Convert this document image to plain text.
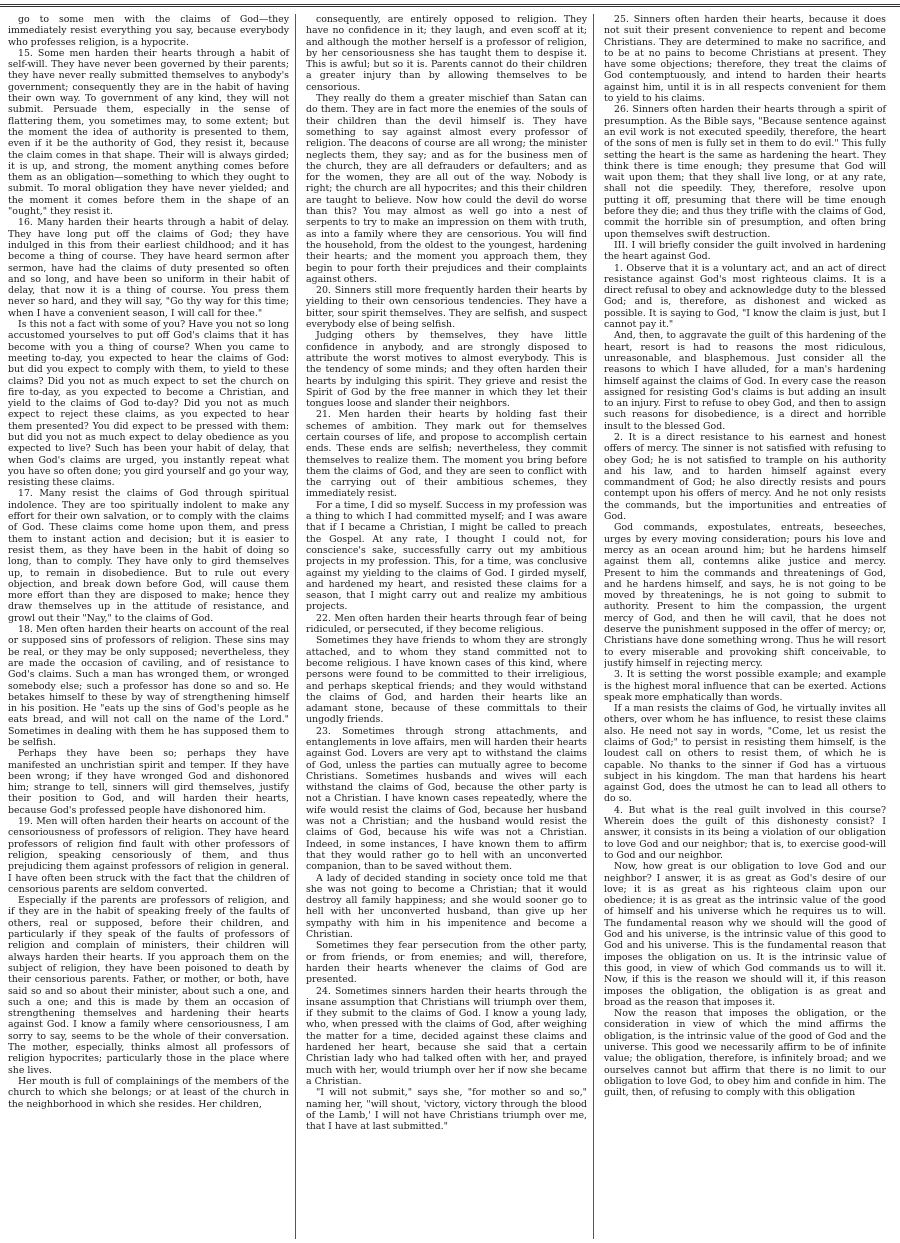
go to some men with the claims of God—they immediately resist everything you say, because everybody who professes religion, is a hypocrite.

15. Some men harden their hearts through a habit of self-will. They have never been governed by their parents; they have never really submitted themselves to anybody's government; consequently they are in the habit of having their own way. To government of any kind, they will not submit. Persuade them, especially in the sense of flattering them, you sometimes may, to some extent; but the moment the idea of authority is presented to them, even if it be the authority of God, they resist it, because the claim comes in that shape. Their will is always girded; it is up, and strong, the moment anything comes before them as an obligation—something to which they ought to submit. To moral obligation they have never yielded; and the moment it comes before them in the shape of an "ought," they resist it.

16. Many harden their hearts through a habit of delay. They have long put off the claims of God; they have indulged in this from their earliest childhood; and it has become a thing of course. They have heard sermon after sermon, have had the claims of duty presented so often and so long, and have been so uniform in their habit of delay, that now it is a thing of course. You press them never so hard, and they will say, "Go thy way for this time; when I have a convenient season, I will call for thee."

Is this not a fact with some of you? Have you not so long accustomed yourselves to put off God's claims that it has become with you a thing of course? When you came to meeting to-day, you expected to hear the claims of God: but did you expect to comply with them, to yield to these claims? Did you not as much expect to set the church on fire to-day, as you expected to become a Christian, and yield to the claims of God to-day? Did you not as much expect to reject these claims, as you expected to hear them presented? You did expect to be pressed with them: but did you not as much expect to delay obedience as you expected to live? Such has been your habit of delay, that when God's claims are urged, you instantly repeat what you have so often done; you gird yourself and go your way, resisting these claims.

17. Many resist the claims of God through spiritual indolence. They are too spiritually indolent to make any effort for their own salvation, or to comply with the claims of God. These claims come home upon them, and press them to instant action and decision; but it is easier to resist them, as they have been in the habit of doing so long, than to comply. They have only to gird themselves up, to remain in disobedience. But to rule out every objection, and break down before God, will cause them more effort than they are disposed to make; hence they draw themselves up in the attitude of resistance, and growl out their "Nay," to the claims of God.

18. Men often harden their hearts on account of the real or supposed sins of professors of religion. These sins may be real, or they may be only supposed; nevertheless, they are made the occasion of caviling, and of resistance to God's claims. Such a man has wronged them, or wronged somebody else; such a professor has done so and so. He betakes himself to these by way of strengthening himself in his position. He "eats up the sins of God's people as he eats bread, and will not call on the name of the Lord." Sometimes in dealing with them he has supposed them to be selfish.

Perhaps they have been so; perhaps they have manifested an unchristian spirit and temper. If they have been wrong; if they have wronged God and dishonored him; strange to tell, sinners will gird themselves, justify their position to God, and will harden their hearts, because God's professed people have dishonored him.

19. Men will often harden their hearts on account of the censoriousness of professors of religion. They have heard professors of religion find fault with other professors of religion, speaking censoriously of them, and thus prejudicing them against professors of religion in general. I have often been struck with the fact that the children of censorious parents are seldom converted.

Especially if the parents are professors of religion, and if they are in the habit of speaking freely of the faults of others, real or supposed, before their children, and particularly if they speak of the faults of professors of religion and complain of ministers, their children will always harden their hearts. If you approach them on the subject of religion, they have been poisoned to death by their censorious parents. Father, or mother, or both, have said so and so about their minister, about such a one, and such a one; and this is made by them an occasion of strengthening themselves and hardening their hearts against God. I know a family where censoriousness, I am sorry to say, seems to be the whole of their conversation. The mother, especially, thinks almost all professors of religion hypocrites; particularly those in the place where she lives.

Her mouth is full of complainings of the members of the church to which she belongs; or at least of the church in the neighborhood in which she resides. Her children,

consequently, are entirely opposed to religion. They have no confidence in it; they laugh, and even scoff at it; and although the mother herself is a professor of religion, by her censoriousness she has taught them to despise it. This is awful; but so it is. Parents cannot do their children a greater injury than by allowing themselves to be censorious.

They really do them a greater mischief than Satan can do them. They are in fact more the enemies of the souls of their children than the devil himself is. They have something to say against almost every professor of religion. The deacons of course are all wrong; the minister neglects them, they say; and as for the business men of the church, they are all defrauders or defaulters; and as for the women, they are all out of the way. Nobody is right; the church are all hypocrites; and this their children are taught to believe. Now how could the devil do worse than this? You may almost as well go into a nest of serpents to try to make an impression on them with truth, as into a family where they are censorious. You will find the household, from the oldest to the youngest, hardening their hearts; and the moment you approach them, they begin to pour forth their prejudices and their complaints against others.

20. Sinners still more frequently harden their hearts by yielding to their own censorious tendencies. They have a bitter, sour spirit themselves. They are selfish, and suspect everybody else of being selfish.

Judging others by themselves, they have little confidence in anybody, and are strongly disposed to attribute the worst motives to almost everybody. This is the tendency of some minds; and they often harden their hearts by indulging this spirit. They grieve and resist the Spirit of God by the free manner in which they let their tongues loose and slander their neighbors.

21. Men harden their hearts by holding fast their schemes of ambition. They mark out for themselves certain courses of life, and propose to accomplish certain ends. These ends are selfish; nevertheless, they commit themselves to realize them. The moment you bring before them the claims of God, and they are seen to conflict with the carrying out of their ambitious schemes, they immediately resist.

For a time, I did so myself. Success in my profession was a thing to which I had committed myself; and I was aware that if I became a Christian, I might be called to preach the Gospel. At any rate, I thought I could not, for conscience's sake, successfully carry out my ambitious projects in my profession. This, for a time, was conclusive against my yielding to the claims of God. I girded myself, and hardened my heart, and resisted these claims for a season, that I might carry out and realize my ambitious projects.

22. Men often harden their hearts through fear of being ridiculed, or persecuted, if they become religious.

Sometimes they have friends to whom they are strongly attached, and to whom they stand committed not to become religious. I have known cases of this kind, where persons were found to be committed to their irreligious, and perhaps skeptical friends; and they would withstand the claims of God, and harden their hearts like an adamant stone, because of these committals to their ungodly friends.

23. Sometimes through strong attachments, and entanglements in love affairs, men will harden their hearts against God. Lovers are very apt to withstand the claims of God, unless the parties can mutually agree to become Christians. Sometimes husbands and wives will each withstand the claims of God, because the other party is not a Christian. I have known cases repeatedly, where the wife would resist the claims of God, because her husband was not a Christian; and the husband would resist the claims of God, because his wife was not a Christian. Indeed, in some instances, I have known them to affirm that they would rather go to hell with an unconverted companion, than to be saved without them.

A lady of decided standing in society once told me that she was not going to become a Christian; that it would destroy all family happiness; and she would sooner go to hell with her unconverted husband, than give up her sympathy with him in his impenitence and become a Christian.

Sometimes they fear persecution from the other party, or from friends, or from enemies; and will, therefore, harden their hearts whenever the claims of God are presented.

24. Sometimes sinners harden their hearts through the insane assumption that Christians will triumph over them, if they submit to the claims of God. I know a young lady, who, when pressed with the claims of God, after weighing the matter for a time, decided against these claims and hardened her heart, because she said that a certain Christian lady who had talked often with her, and prayed much with her, would triumph over her if now she became a Christian.

"I will not submit," says she, "for mother so and so," naming her, "will shout, 'victory, victory through the blood of the Lamb,' I will not have Christians triumph over me, that I have at last submitted."

25. Sinners often harden their hearts, because it does not suit their present convenience to repent and become Christians. They are determined to make no sacrifice, and to be at no pains to become Christians at present. They have some objections; therefore, they treat the claims of God contemptuously, and intend to harden their hearts against him, until it is in all respects convenient for them to yield to his claims.

26. Sinners often harden their hearts through a spirit of presumption. As the Bible says, "Because sentence against an evil work is not executed speedily, therefore, the heart of the sons of men is fully set in them to do evil." This fully setting the heart is the same as hardening the heart. They think there is time enough; they presume that God will wait upon them; that they shall live long, or at any rate, shall not die speedily. They, therefore, resolve upon putting it off, presuming that there will be time enough before they die; and thus they trifle with the claims of God, commit the horrible sin of presumption, and often bring upon themselves swift destruction.

III. I will briefly consider the guilt involved in hardening the heart against God.

1. Observe that it is a voluntary act, and an act of direct resistance against God's most righteous claims. It is a direct refusal to obey and acknowledge duty to the blessed God; and is, therefore, as dishonest and wicked as possible. It is saying to God, "I know the claim is just, but I cannot pay it."

And, then, to aggravate the guilt of this hardening of the heart, resort is had to reasons the most ridiculous, unreasonable, and blasphemous. Just consider all the reasons to which I have alluded, for a man's hardening himself against the claims of God. In every case the reason assigned for resisting God's claims is but adding an insult to an injury. First to refuse to obey God, and then to assign such reasons for disobedience, is a direct and horrible insult to the blessed God.

2. It is a direct resistance to his earnest and honest offers of mercy. The sinner is not satisfied with refusing to obey God; he is not satisfied to trample on his authority and his law, and to harden himself against every commandment of God; he also directly resists and pours contempt upon his offers of mercy. And he not only resists the commands, but the importunities and entreaties of God.

God commands, expostulates, entreats, beseeches, urges by every moving consideration; pours his love and mercy as an ocean around him; but he hardens himself against them all, contemns alike justice and mercy. Present to him the commands and threatenings of God, and he hardens himself, and says, he is not going to be moved by threatenings, he is not going to submit to authority. Present to him the compassion, the urgent mercy of God, and then he will cavil, that he does not deserve the punishment supposed in the offer of mercy; or, Christians have done something wrong. Thus he will resort to every miserable and provoking shift conceivable, to justify himself in rejecting mercy.

3. It is setting the worst possible example; and example is the highest moral influence that can be exerted. Actions speak more emphatically than words.

If a man resists the claims of God, he virtually invites all others, over whom he has influence, to resist these claims also. He need not say in words, "Come, let us resist the claims of God;" to persist in resisting them himself, is the loudest call on others to resist them, of which he is capable. No thanks to the sinner if God has a virtuous subject in his kingdom. The man that hardens his heart against God, does the utmost he can to lead all others to do so.

4. But what is the real guilt involved in this course? Wherein does the guilt of this dishonesty consist? I answer, it consists in its being a violation of our obligation to love God and our neighbor; that is, to exercise good-will to God and our neighbor.

Now, how great is our obligation to love God and our neighbor? I answer, it is as great as God's desire of our love; it is as great as his righteous claim upon our obedience; it is as great as the intrinsic value of the good of himself and his universe which he requires us to will. The fundamental reason why we should will the good of God and his universe, is the intrinsic value of this good to God and his universe. This is the fundamental reason that imposes the obligation on us. It is the intrinsic value of this good, in view of which God commands us to will it. Now, if this is the reason we should will it, if this reason imposes the obligation, the obligation is as great and broad as the reason that imposes it.

Now the reason that imposes the obligation, or the consideration in view of which the mind affirms the obligation, is the intrinsic value of the good of God and the universe. This good we necessarily affirm to be of infinite value; the obligation, therefore, is infinitely broad; and we ourselves cannot but affirm that there is no limit to our obligation to love God, to obey him and confide in him. The guilt, then, of refusing to comply with this obligation
